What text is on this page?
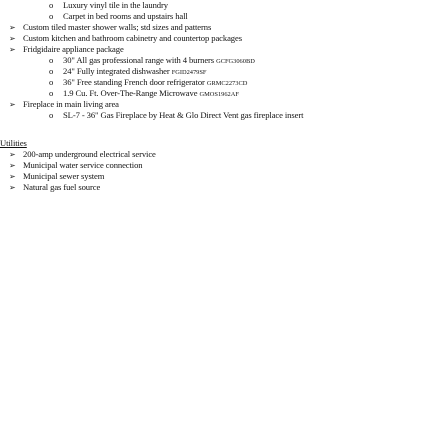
o Luxury vinyl tile in the laundry
o Carpet in bed rooms and upstairs hall
➢ Custom tiled master shower walls; std sizes and patterns
➢ Custom kitchen and bathroom cabinetry and countertop packages
➢ Fridgidaire appliance package
o 30" All gas professional range with 4 burners GCFG3060BD
o 24" Fully integrated dishwasher FGID2479SF
o 36" Free standing French door refrigerator GRMC2273CD
o 1.9 Cu. Ft. Over-The-Range Microwave GMOS1962AF
➢ Fireplace in main living area
o SL-7 - 36" Gas Fireplace by Heat & Glo Direct Vent gas fireplace insert
Utilities
➢ 200-amp underground electrical service
➢ Municipal water service connection
➢ Municipal sewer system
➢ Natural gas fuel source
